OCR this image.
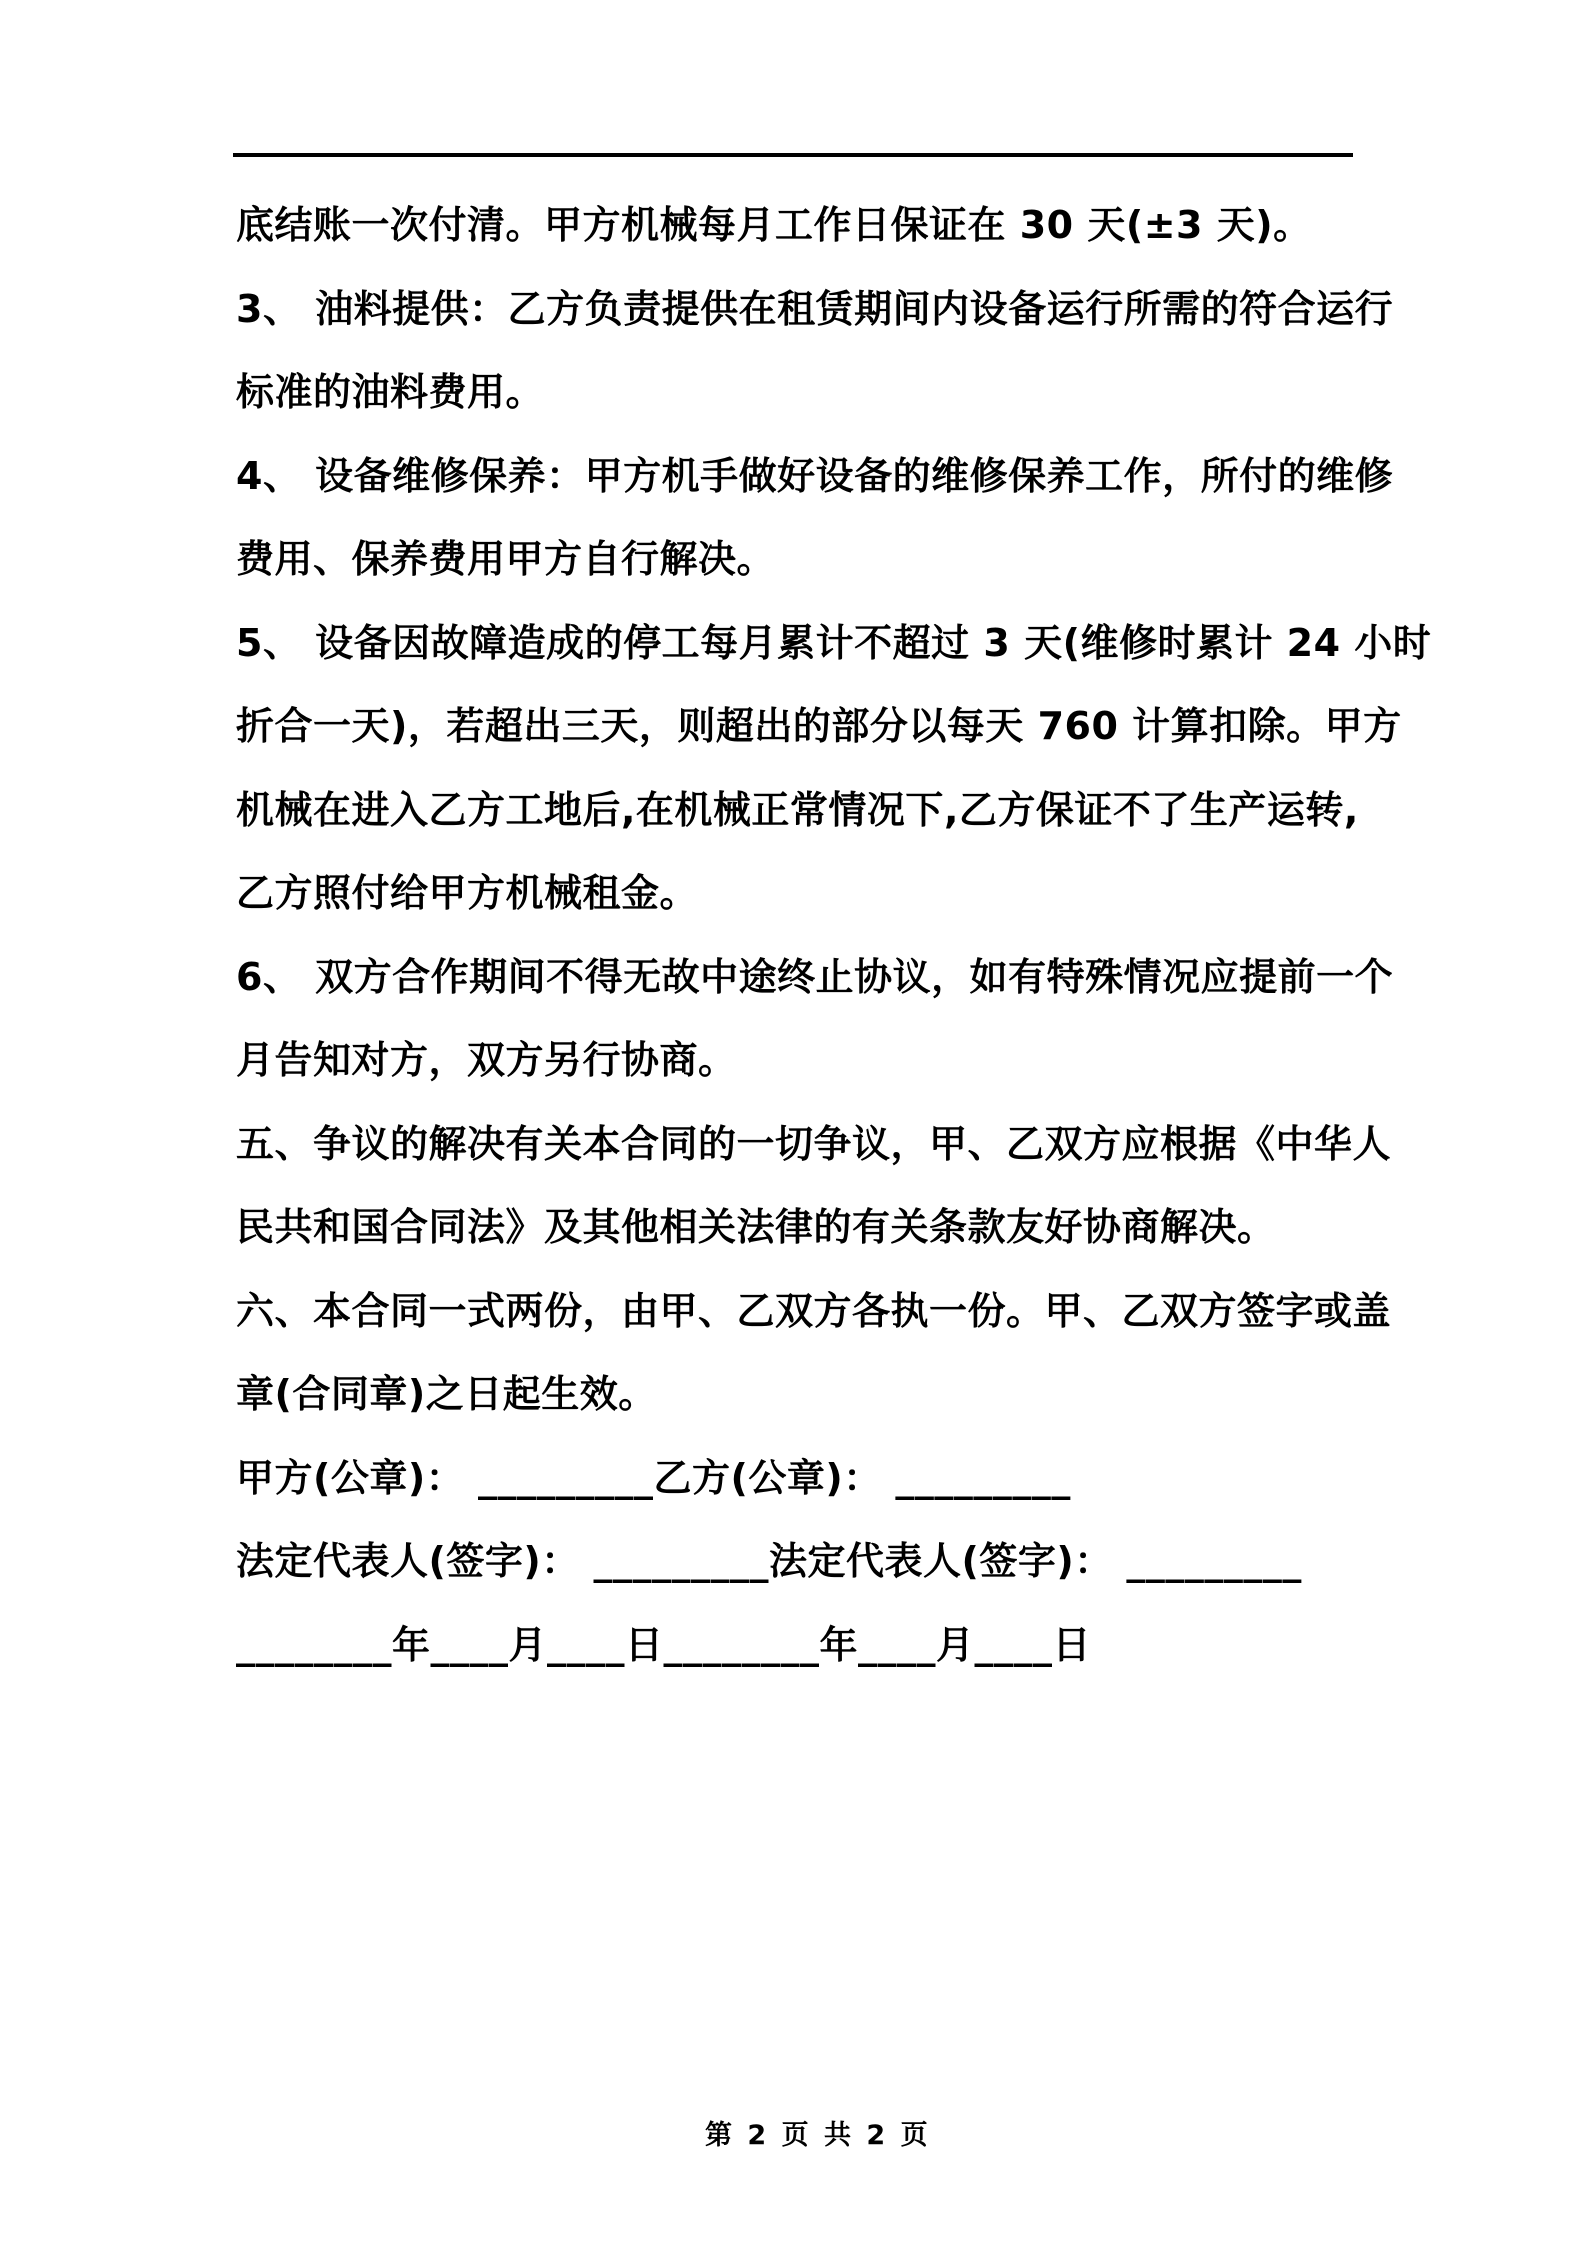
底结账一次付清。甲方机械每月工作日保证在 30 天(±3 天)。
3、 油料提供：乙方负责提供在租赁期间内设备运行所需的符合运行
标准的油料费用。
4、 设备维修保养：甲方机手做好设备的维修保养工作，所付的维修
费用、保养费用甲方自行解决。
5、 设备因故障造成的停工每月累计不超过 3 天(维修时累计 24 小时
折合一天)，若超出三天，则超出的部分以每天 760 计算扣除。甲方
机械在进入乙方工地后,在机械正常情况下,乙方保证不了生产运转,
乙方照付给甲方机械租金。
6、 双方合作期间不得无故中途终止协议，如有特殊情况应提前一个
月告知对方，双方另行协商。
五、争议的解决有关本合同的一切争议，甲、乙双方应根据《中华人
民共和国合同法》及其他相关法律的有关条款友好协商解决。
六、本合同一式两份，由甲、乙双方各执一份。甲、乙双方签字或盖
章(合同章)之日起生效。
甲方(公章)： _________乙方(公章)： _________
法定代表人(签字)： _________法定代表人(签字)： _________
________年____月____日________年____月____日

第 2 页 共 2 页
